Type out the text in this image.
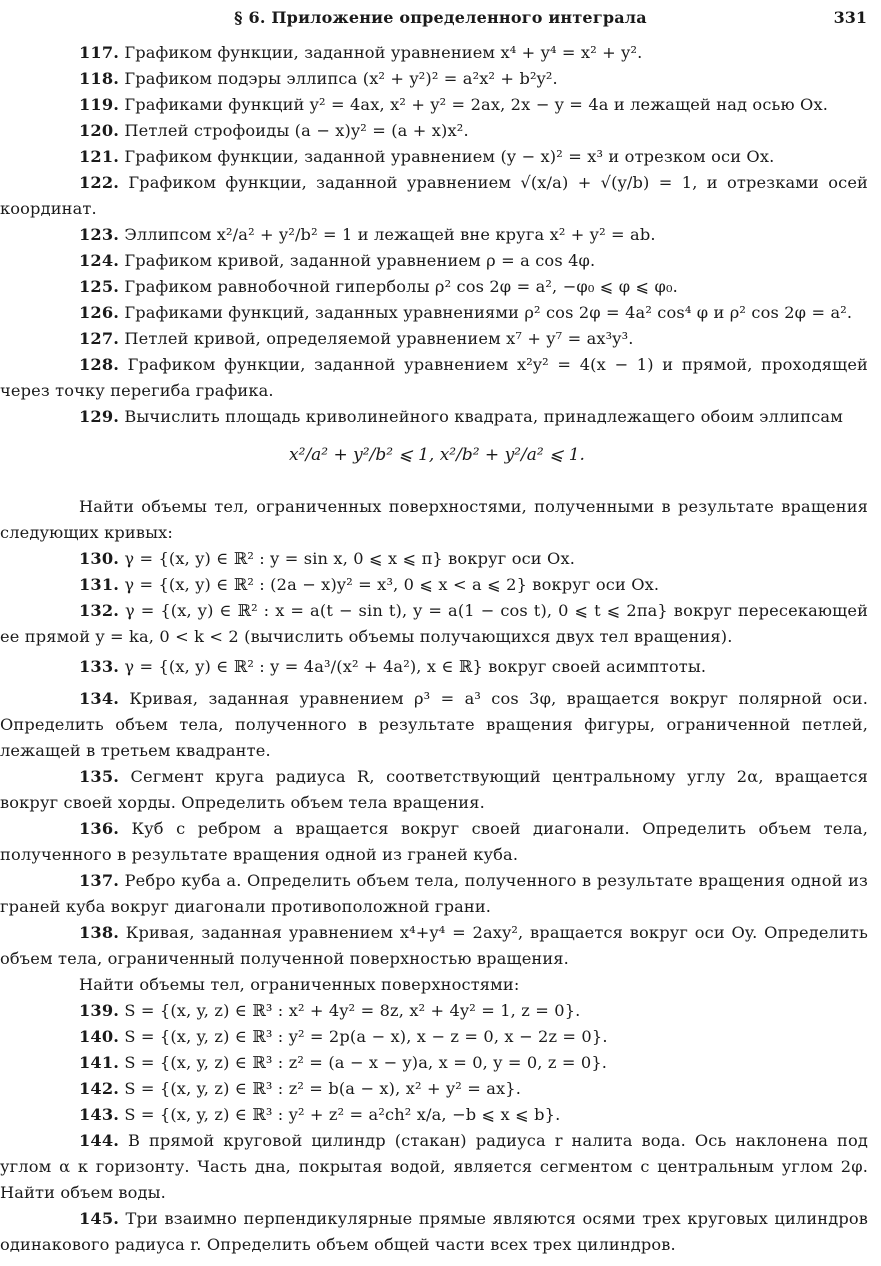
§ 6. Приложение определенного интеграла	331
117. Графиком функции, заданной уравнением x⁴ + y⁴ = x² + y².
118. Графиком подэры эллипса (x² + y²)² = a²x² + b²y².
119. Графиками функций y² = 4ax, x² + y² = 2ax, 2x − y = 4a и лежащей над осью Ox.
120. Петлей строфоиды (a − x)y² = (a + x)x².
121. Графиком функции, заданной уравнением (y − x)² = x³ и отрезком оси Ox.
122. Графиком функции, заданной уравнением √(x/a) + √(y/b) = 1, и отрезками осей координат.
123. Эллипсом x²/a² + y²/b² = 1 и лежащей вне круга x² + y² = ab.
124. Графиком кривой, заданной уравнением ρ = a cos 4φ.
125. Графиком равнобочной гиперболы ρ² cos 2φ = a², −φ₀ ⩽ φ ⩽ φ₀.
126. Графиками функций, заданных уравнениями ρ² cos 2φ = 4a² cos⁴ φ и ρ² cos 2φ = a².
127. Петлей кривой, определяемой уравнением x⁷ + y⁷ = ax³y³.
128. Графиком функции, заданной уравнением x²y² = 4(x − 1) и прямой, проходящей через точку перегиба графика.
129. Вычислить площадь криволинейного квадрата, принадлежащего обоим эллипсам
x²/a² + y²/b² ⩽ 1, x²/b² + y²/a² ⩽ 1.
Найти объемы тел, ограниченных поверхностями, полученными в результате вращения следующих кривых:
130. γ = {(x, y) ∈ ℝ² : y = sin x, 0 ⩽ x ⩽ π} вокруг оси Ox.
131. γ = {(x, y) ∈ ℝ² : (2a − x)y² = x³, 0 ⩽ x < a ⩽ 2} вокруг оси Ox.
132. γ = {(x, y) ∈ ℝ² : x = a(t − sin t), y = a(1 − cos t), 0 ⩽ t ⩽ 2πa} вокруг пересекающей ее прямой y = ka, 0 < k < 2 (вычислить объемы получающихся двух тел вращения).
133. γ = {(x, y) ∈ ℝ² : y = 4a³/(x² + 4a²), x ∈ ℝ} вокруг своей асимптоты.
134. Кривая, заданная уравнением ρ³ = a³ cos 3φ, вращается вокруг полярной оси. Определить объем тела, полученного в результате вращения фигуры, ограниченной петлей, лежащей в третьем квадранте.
135. Сегмент круга радиуса R, соответствующий центральному углу 2α, вращается вокруг своей хорды. Определить объем тела вращения.
136. Куб с ребром a вращается вокруг своей диагонали. Определить объем тела, полученного в результате вращения одной из граней куба.
137. Ребро куба a. Определить объем тела, полученного в результате вращения одной из граней куба вокруг диагонали противоположной грани.
138. Кривая, заданная уравнением x⁴+y⁴ = 2axy², вращается вокруг оси Oy. Определить объем тела, ограниченный полученной поверхностью вращения.
Найти объемы тел, ограниченных поверхностями:
139. S = {(x, y, z) ∈ ℝ³ : x² + 4y² = 8z, x² + 4y² = 1, z = 0}.
140. S = {(x, y, z) ∈ ℝ³ : y² = 2p(a − x), x − z = 0, x − 2z = 0}.
141. S = {(x, y, z) ∈ ℝ³ : z² = (a − x − y)a, x = 0, y = 0, z = 0}.
142. S = {(x, y, z) ∈ ℝ³ : z² = b(a − x), x² + y² = ax}.
143. S = {(x, y, z) ∈ ℝ³ : y² + z² = a²ch² x/a, −b ⩽ x ⩽ b}.
144. В прямой круговой цилиндр (стакан) радиуса r налита вода. Ось наклонена под углом α к горизонту. Часть дна, покрытая водой, является сегментом с центральным углом 2φ. Найти объем воды.
145. Три взаимно перпендикулярные прямые являются осями трех круговых цилиндров одинакового радиуса r. Определить объем общей части всех трех цилиндров.
